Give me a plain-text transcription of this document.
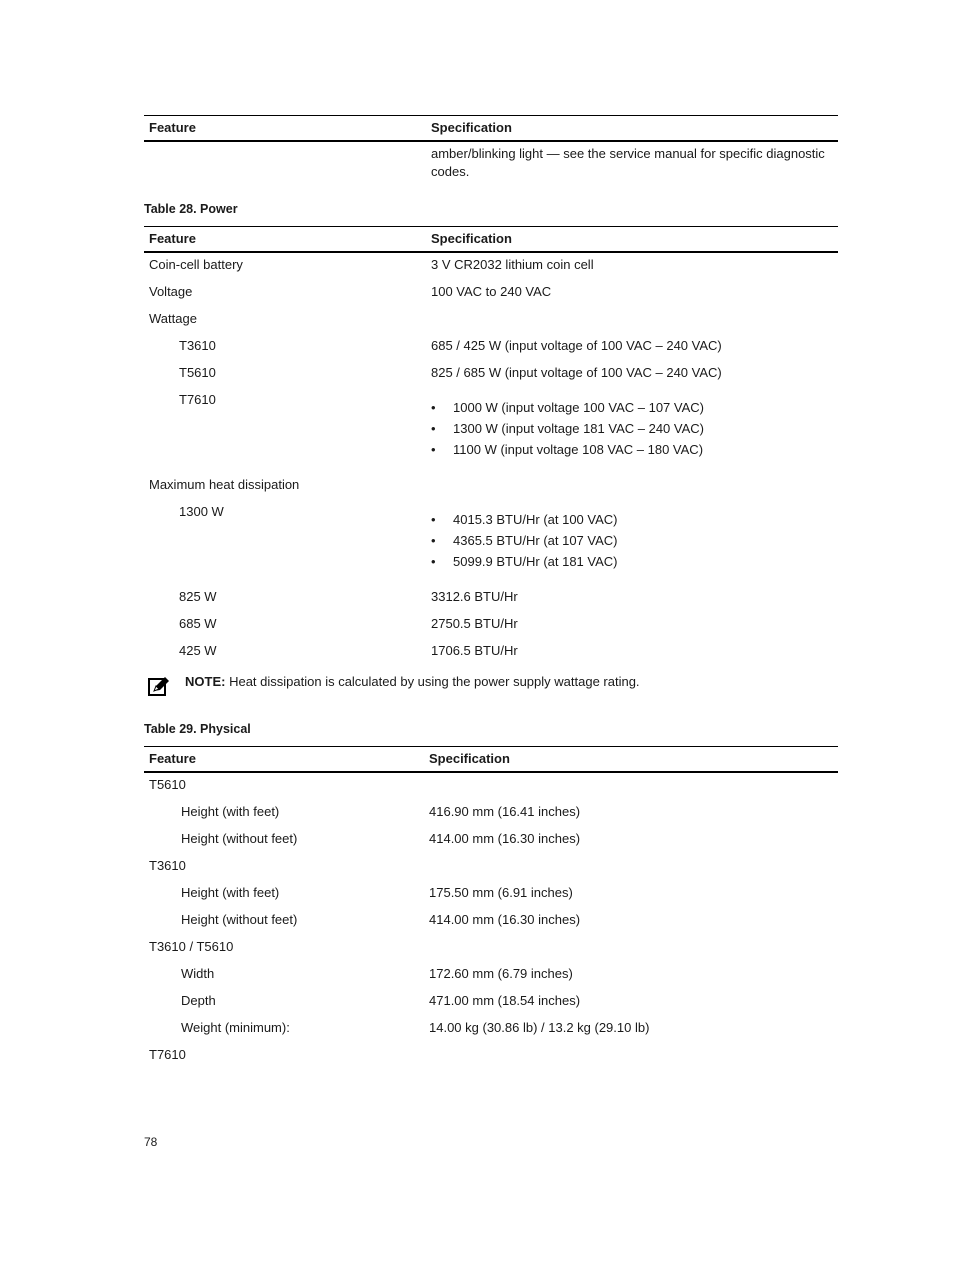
Feature	Specification
amber/blinking light — see the service manual for specific diagnostic
codes.
Table 28. Power
Feature	Specification
Coin-cell battery	3 V CR2032 lithium coin cell
Voltage	100 VAC to 240 VAC
Wattage
T3610	685 / 425 W (input voltage of 100 VAC – 240 VAC)
T5610	825 / 685 W (input voltage of 100 VAC – 240 VAC)
T7610
• 1000 W (input voltage 100 VAC – 107 VAC)
• 1300 W (input voltage 181 VAC – 240 VAC)
• 1100 W (input voltage 108 VAC – 180 VAC)
Maximum heat dissipation
1300 W
• 4015.3 BTU/Hr (at 100 VAC)
• 4365.5 BTU/Hr (at 107 VAC)
• 5099.9 BTU/Hr (at 181 VAC)
825 W	3312.6 BTU/Hr
685 W	2750.5 BTU/Hr
425 W	1706.5 BTU/Hr
NOTE: Heat dissipation is calculated by using the power supply wattage rating.
Table 29. Physical
Feature	Specification
T5610
Height (with feet)	416.90 mm (16.41 inches)
Height (without feet)	414.00 mm (16.30 inches)
T3610
Height (with feet)	175.50 mm (6.91 inches)
Height (without feet)	414.00 mm (16.30 inches)
T3610 / T5610
Width	172.60 mm (6.79 inches)
Depth	471.00 mm (18.54 inches)
Weight (minimum):	14.00 kg (30.86 lb) / 13.2 kg (29.10 lb)
T7610
78
